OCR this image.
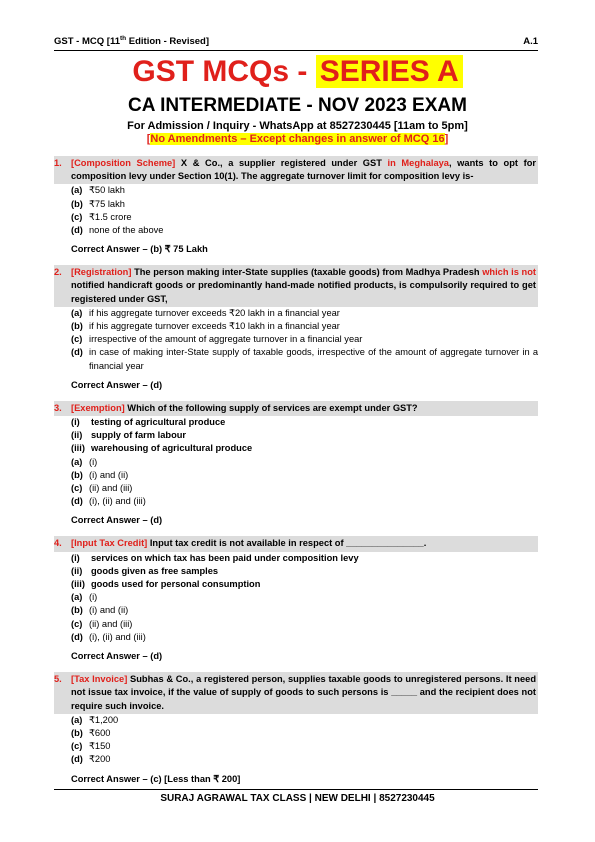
GST - MCQ [11th Edition - Revised]	A.1
GST MCQs - SERIES A
CA INTERMEDIATE - NOV 2023 EXAM
For Admission / Inquiry - WhatsApp at 8527230445 [11am to 5pm]
[No Amendments – Except changes in answer of MCQ 16]
1. [Composition Scheme] X & Co., a supplier registered under GST in Meghalaya, wants to opt for composition levy under Section 10(1). The aggregate turnover limit for composition levy is-
(a) ₹50 lakh
(b) ₹75 lakh
(c) ₹1.5 crore
(d) none of the above
Correct Answer – (b) ₹ 75 Lakh
2. [Registration] The person making inter-State supplies (taxable goods) from Madhya Pradesh which is not notified handicraft goods or predominantly hand-made notified products, is compulsorily required to get registered under GST,
(a) if his aggregate turnover exceeds ₹20 lakh in a financial year
(b) if his aggregate turnover exceeds ₹10 lakh in a financial year
(c) irrespective of the amount of aggregate turnover in a financial year
(d) in case of making inter-State supply of taxable goods, irrespective of the amount of aggregate turnover in a financial year
Correct Answer – (d)
3. [Exemption] Which of the following supply of services are exempt under GST?
(i)	testing of agricultural produce
(ii) supply of farm labour
(iii) warehousing of agricultural produce
(a) (i)
(b) (i) and (ii)
(c) (ii) and (iii)
(d) (i), (ii) and (iii)
Correct Answer – (d)
4. [Input Tax Credit] Input tax credit is not available in respect of _______________.
(i)	services on which tax has been paid under composition levy
(ii) goods given as free samples
(iii) goods used for personal consumption
(a) (i)
(b) (i) and (ii)
(c) (ii) and (iii)
(d) (i), (ii) and (iii)
Correct Answer – (d)
5. [Tax Invoice] Subhas & Co., a registered person, supplies taxable goods to unregistered persons. It need not issue tax invoice, if the value of supply of goods to such persons is _____ and the recipient does not require such invoice.
(a) ₹1,200
(b) ₹600
(c) ₹150
(d) ₹200
Correct Answer – (c) [Less than ₹ 200]
SURAJ AGRAWAL TAX CLASS | NEW DELHI | 8527230445
